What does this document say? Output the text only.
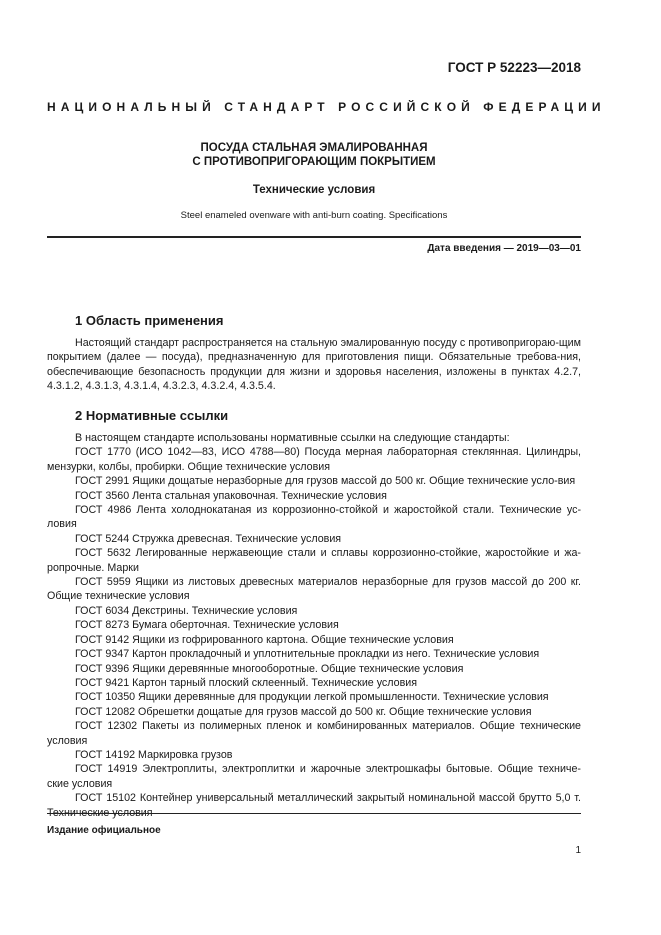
ГОСТ Р 52223—2018
НАЦИОНАЛЬНЫЙ СТАНДАРТ РОССИЙСКОЙ ФЕДЕРАЦИИ
ПОСУДА СТАЛЬНАЯ ЭМАЛИРОВАННАЯ
С ПРОТИВОПРИГОРАЮЩИМ ПОКРЫТИЕМ
Технические условия
Steel enameled ovenware with anti-burn coating. Specifications
Дата введения — 2019—03—01
1 Область применения

Настоящий стандарт распространяется на стальную эмалированную посуду с противопригораю-щим покрытием (далее — посуда), предназначенную для приготовления пищи. Обязательные требова-ния, обеспечивающие безопасность продукции для жизни и здоровья населения, изложены в пунктах 4.2.7, 4.3.1.2, 4.3.1.3, 4.3.1.4, 4.3.2.3, 4.3.2.4, 4.3.5.4.

2 Нормативные ссылки

В настоящем стандарте использованы нормативные ссылки на следующие стандарты:

ГОСТ 1770 (ИСО 1042—83, ИСО 4788—80) Посуда мерная лабораторная стеклянная. Цилиндры, мензурки, колбы, пробирки. Общие технические условия

ГОСТ 2991 Ящики дощатые неразборные для грузов массой до 500 кг. Общие технические усло-вия

ГОСТ 3560 Лента стальная упаковочная. Технические условия

ГОСТ 4986 Лента холоднокатаная из коррозионно-стойкой и жаростойкой стали. Технические ус-ловия

ГОСТ 5244 Стружка древесная. Технические условия

ГОСТ 5632 Легированные нержавеющие стали и сплавы коррозионно-стойкие, жаростойкие и жа-ропрочные. Марки

ГОСТ 5959 Ящики из листовых древесных материалов неразборные для грузов массой до 200 кг. Общие технические условия

ГОСТ 6034 Декстрины. Технические условия

ГОСТ 8273 Бумага оберточная. Технические условия

ГОСТ 9142 Ящики из гофрированного картона. Общие технические условия

ГОСТ 9347 Картон прокладочный и уплотнительные прокладки из него. Технические условия

ГОСТ 9396 Ящики деревянные многооборотные. Общие технические условия

ГОСТ 9421 Картон тарный плоский склеенный. Технические условия

ГОСТ 10350 Ящики деревянные для продукции легкой промышленности. Технические условия

ГОСТ 12082 Обрешетки дощатые для грузов массой до 500 кг. Общие технические условия

ГОСТ 12302 Пакеты из полимерных пленок и комбинированных материалов. Общие технические условия

ГОСТ 14192 Маркировка грузов

ГОСТ 14919 Электроплиты, электроплитки и жарочные электрошкафы бытовые. Общие техниче-ские условия

ГОСТ 15102 Контейнер универсальный металлический закрытый номинальной массой брутто 5,0 т. Технические условия

Издание официальное
1
